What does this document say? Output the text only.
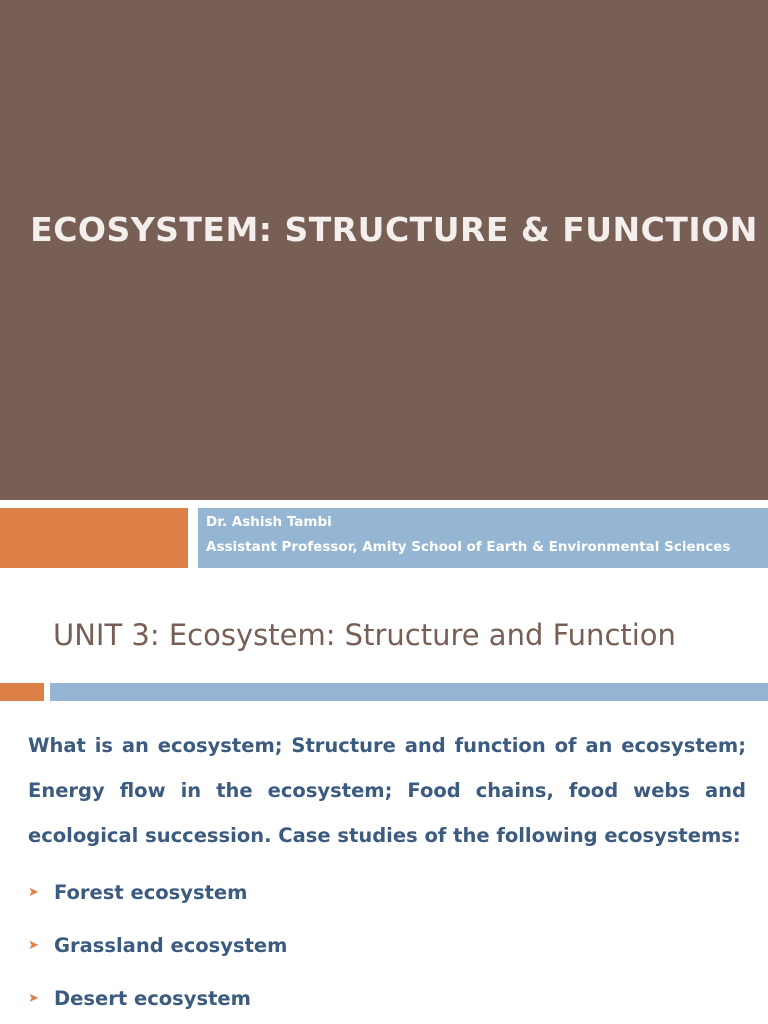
ECOSYSTEM: STRUCTURE & FUNCTION
Dr. Ashish Tambi
Assistant Professor, Amity School of Earth & Environmental Sciences
UNIT 3: Ecosystem: Structure and Function

What is an ecosystem; Structure and function of an ecosystem; Energy flow in the ecosystem; Food chains, food webs and ecological succession. Case studies of the following ecosystems:

➤ Forest ecosystem
➤ Grassland ecosystem
➤ Desert ecosystem
